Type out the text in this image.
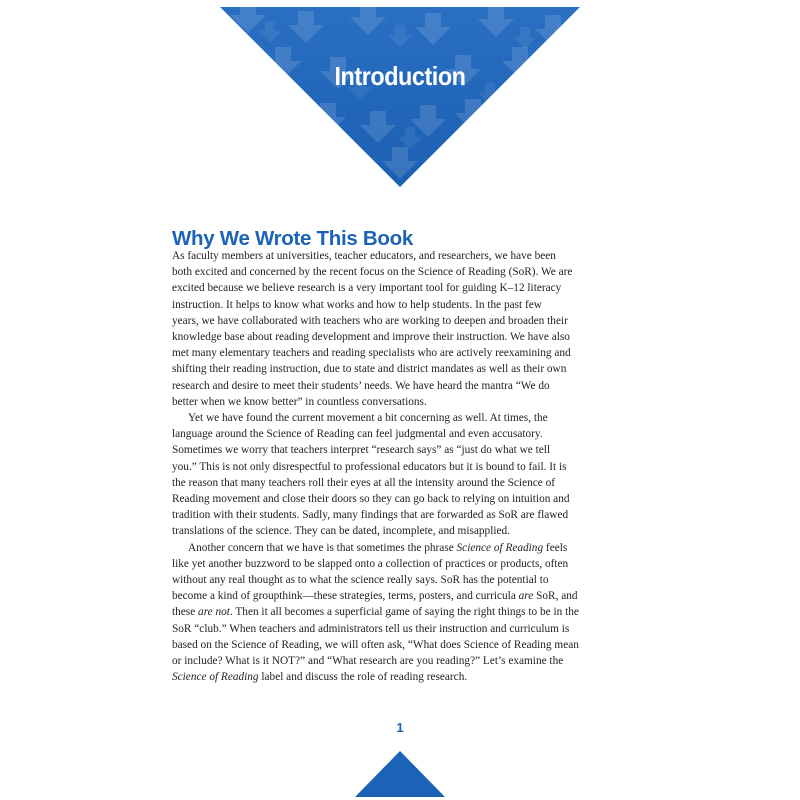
Introduction
Why We Wrote This Book

As faculty members at universities, teacher educators, and researchers, we have been
both excited and concerned by the recent focus on the Science of Reading (SoR). We are
excited because we believe research is a very important tool for guiding K–12 literacy
instruction. It helps to know what works and how to help students. In the past few
years, we have collaborated with teachers who are working to deepen and broaden their
knowledge base about reading development and improve their instruction. We have also
met many elementary teachers and reading specialists who are actively reexamining and
shifting their reading instruction, due to state and district mandates as well as their own
research and desire to meet their students’ needs. We have heard the mantra “We do
better when we know better” in countless conversations.

Yet we have found the current movement a bit concerning as well. At times, the
language around the Science of Reading can feel judgmental and even accusatory.
Sometimes we worry that teachers interpret “research says” as “just do what we tell
you.” This is not only disrespectful to professional educators but it is bound to fail. It is
the reason that many teachers roll their eyes at all the intensity around the Science of
Reading movement and close their doors so they can go back to relying on intuition and
tradition with their students. Sadly, many findings that are forwarded as SoR are flawed
translations of the science. They can be dated, incomplete, and misapplied.

Another concern that we have is that sometimes the phrase Science of Reading feels
like yet another buzzword to be slapped onto a collection of practices or products, often
without any real thought as to what the science really says. SoR has the potential to
become a kind of groupthink—these strategies, terms, posters, and curricula are SoR, and
these are not. Then it all becomes a superficial game of saying the right things to be in the
SoR “club.” When teachers and administrators tell us their instruction and curriculum is
based on the Science of Reading, we will often ask, “What does Science of Reading mean
or include? What is it NOT?” and “What research are you reading?” Let’s examine the
Science of Reading label and discuss the role of reading research.

1
